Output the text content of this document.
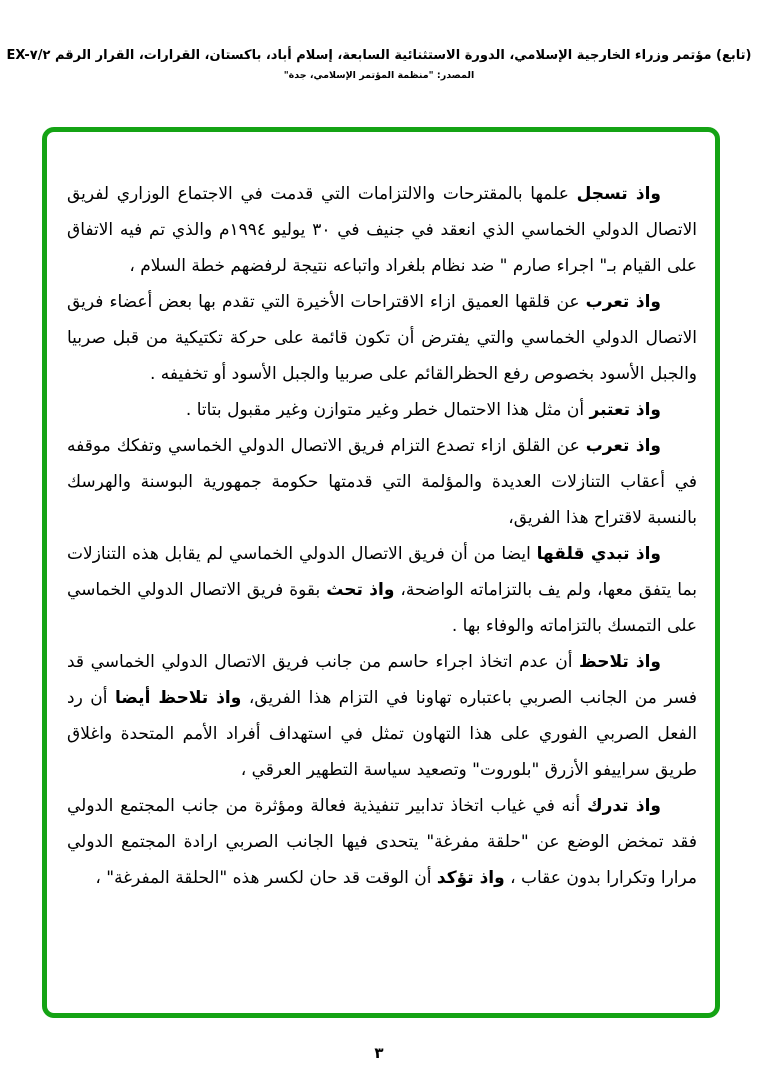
(تابع) مؤتمر وزراء الخارجية الإسلامي، الدورة الاستثنائية السابعة، إسلام أباد، باكستان، القرارات، القرار الرقم EX-٧/٢
المصدر: "منظمة المؤتمر الإسلامي، جدة"

واذ تسجل علمها بالمقترحات والالتزامات التي قدمت في الاجتماع الوزاري لفريق الاتصال الدولي الخماسي الذي انعقد في جنيف في ٣٠ يوليو ١٩٩٤م والذي تم فيه الاتفاق على القيام بـ" اجراء صارم " ضد نظام بلغراد واتباعه نتيجة لرفضهم خطة السلام ،

واذ تعرب عن قلقها العميق ازاء الاقتراحات الأخيرة التي تقدم بها بعض أعضاء فريق الاتصال الدولي الخماسي والتي يفترض أن تكون قائمة على حركة تكتيكية من قبل صربيا والجبل الأسود بخصوص رفع الحظرالقائم على صربيا والجبل الأسود أو تخفيفه .

واذ تعتبر أن مثل هذا الاحتمال خطر وغير متوازن وغير مقبول بتاتا .

واذ تعرب عن القلق ازاء تصدع التزام فريق الاتصال الدولي الخماسي وتفكك موقفه في أعقاب التنازلات العديدة والمؤلمة التي قدمتها حكومة جمهورية البوسنة والهرسك بالنسبة لاقتراح هذا الفريق،

واذ تبدي قلقها ايضا من أن فريق الاتصال الدولي الخماسي لم يقابل هذه التنازلات بما يتفق معها، ولم يف بالتزاماته الواضحة، واذ تحث بقوة فريق الاتصال الدولي الخماسي على التمسك بالتزاماته والوفاء بها .

واذ تلاحظ أن عدم اتخاذ اجراء حاسم من جانب فريق الاتصال الدولي الخماسي قد فسر من الجانب الصربي باعتباره تهاونا في التزام هذا الفريق، واذ تلاحظ أيضا أن رد الفعل الصربي الفوري على هذا التهاون تمثل في استهداف أفراد الأمم المتحدة واغلاق طريق سراييفو الأزرق "بلوروت" وتصعيد سياسة التطهير العرقي ،

واذ تدرك أنه في غياب اتخاذ تدابير تنفيذية فعالة ومؤثرة من جانب المجتمع الدولي فقد تمخض الوضع عن "حلقة مفرغة" يتحدى فيها الجانب الصربي ارادة المجتمع الدولي مرارا وتكرارا بدون عقاب ، واذ تؤكد أن الوقت قد حان لكسر هذه "الحلقة المفرغة" ،

٣
